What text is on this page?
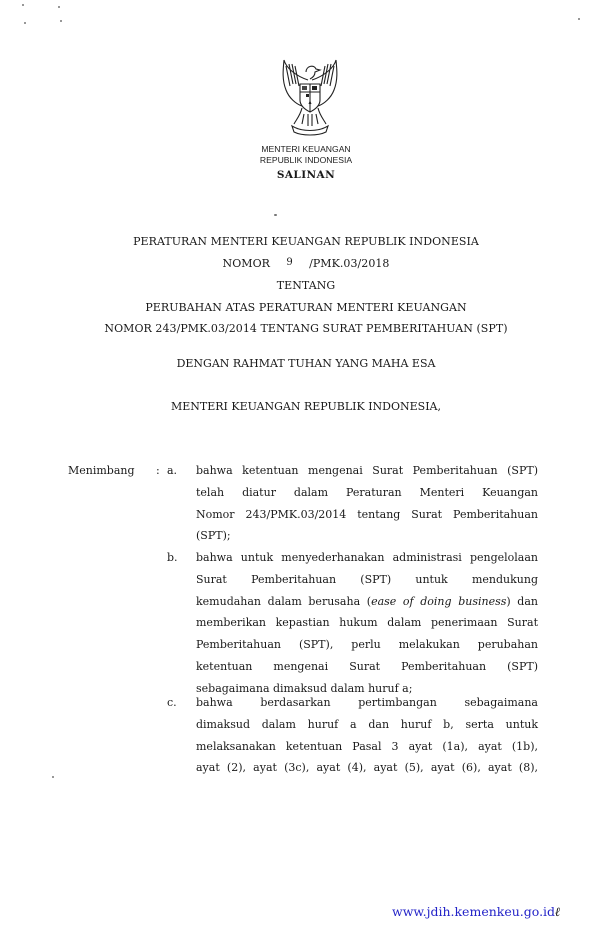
MENTERI KEUANGAN
REPUBLIK INDONESIA
SALINAN
PERATURAN MENTERI KEUANGAN REPUBLIK INDONESIA
NOMOR 9 /PMK.03/2018
TENTANG
PERUBAHAN ATAS PERATURAN MENTERI KEUANGAN
NOMOR 243/PMK.03/2014 TENTANG SURAT PEMBERITAHUAN (SPT)
DENGAN RAHMAT TUHAN YANG MAHA ESA
MENTERI KEUANGAN REPUBLIK INDONESIA,
Menimbang : a. bahwa ketentuan mengenai Surat Pemberitahuan (SPT)
telah diatur dalam Peraturan Menteri Keuangan
Nomor 243/PMK.03/2014 tentang Surat Pemberitahuan
(SPT);
b. bahwa untuk menyederhanakan administrasi pengelolaan
Surat Pemberitahuan (SPT) untuk mendukung
kemudahan dalam berusaha (ease of doing business) dan
memberikan kepastian hukum dalam penerimaan Surat
Pemberitahuan (SPT), perlu melakukan perubahan
ketentuan mengenai Surat Pemberitahuan (SPT)
sebagaimana dimaksud dalam huruf a;
c. bahwa berdasarkan pertimbangan sebagaimana
dimaksud dalam huruf a dan huruf b, serta untuk
melaksanakan ketentuan Pasal 3 ayat (1a), ayat (1b),
ayat (2), ayat (3c), ayat (4), ayat (5), ayat (6), ayat (8),
www.jdih.kemenkeu.go.idℓ
